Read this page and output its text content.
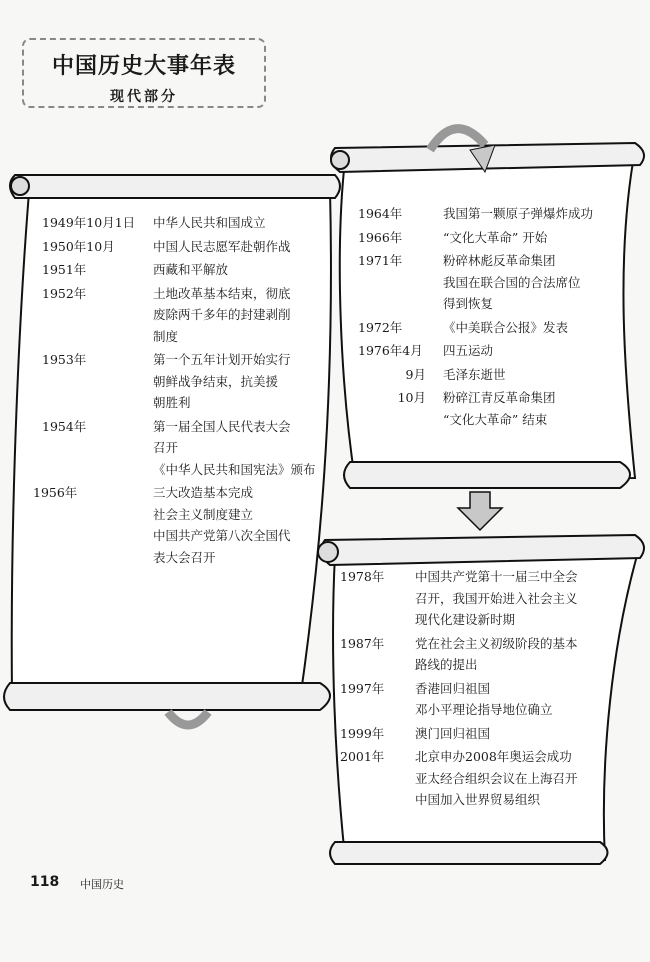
中国历史大事年表
现代部分
1949年10月1日 中华人民共和国成立
1950年10月	中国人民志愿军赴朝作战
1951年	西藏和平解放
1952年	土地改革基本结束，彻底
废除两千多年的封建剥削
制度
1953年	第一个五年计划开始实行
朝鲜战争结束，抗美援
朝胜利
1954年	第一届全国人民代表大会
召开
《中华人民共和国宪法》颁布
1956年	三大改造基本完成
社会主义制度建立
中国共产党第八次全国代
表大会召开
1964年	我国第一颗原子弹爆炸成功
1966年	“文化大革命” 开始
1971年	粉碎林彪反革命集团
我国在联合国的合法席位
得到恢复
1972年	《中美联合公报》发表
1976年4月 四五运动
9月 毛泽东逝世
10月 粉碎江青反革命集团
“文化大革命” 结束
1978年 中国共产党第十一届三中全会
召开，我国开始进入社会主义
现代化建设新时期
1987年 党在社会主义初级阶段的基本
路线的提出
1997年 香港回归祖国
邓小平理论指导地位确立
1999年 澳门回归祖国
2001年 北京申办2008年奥运会成功
亚太经合组织会议在上海召开
中国加入世界贸易组织
118 中国历史
